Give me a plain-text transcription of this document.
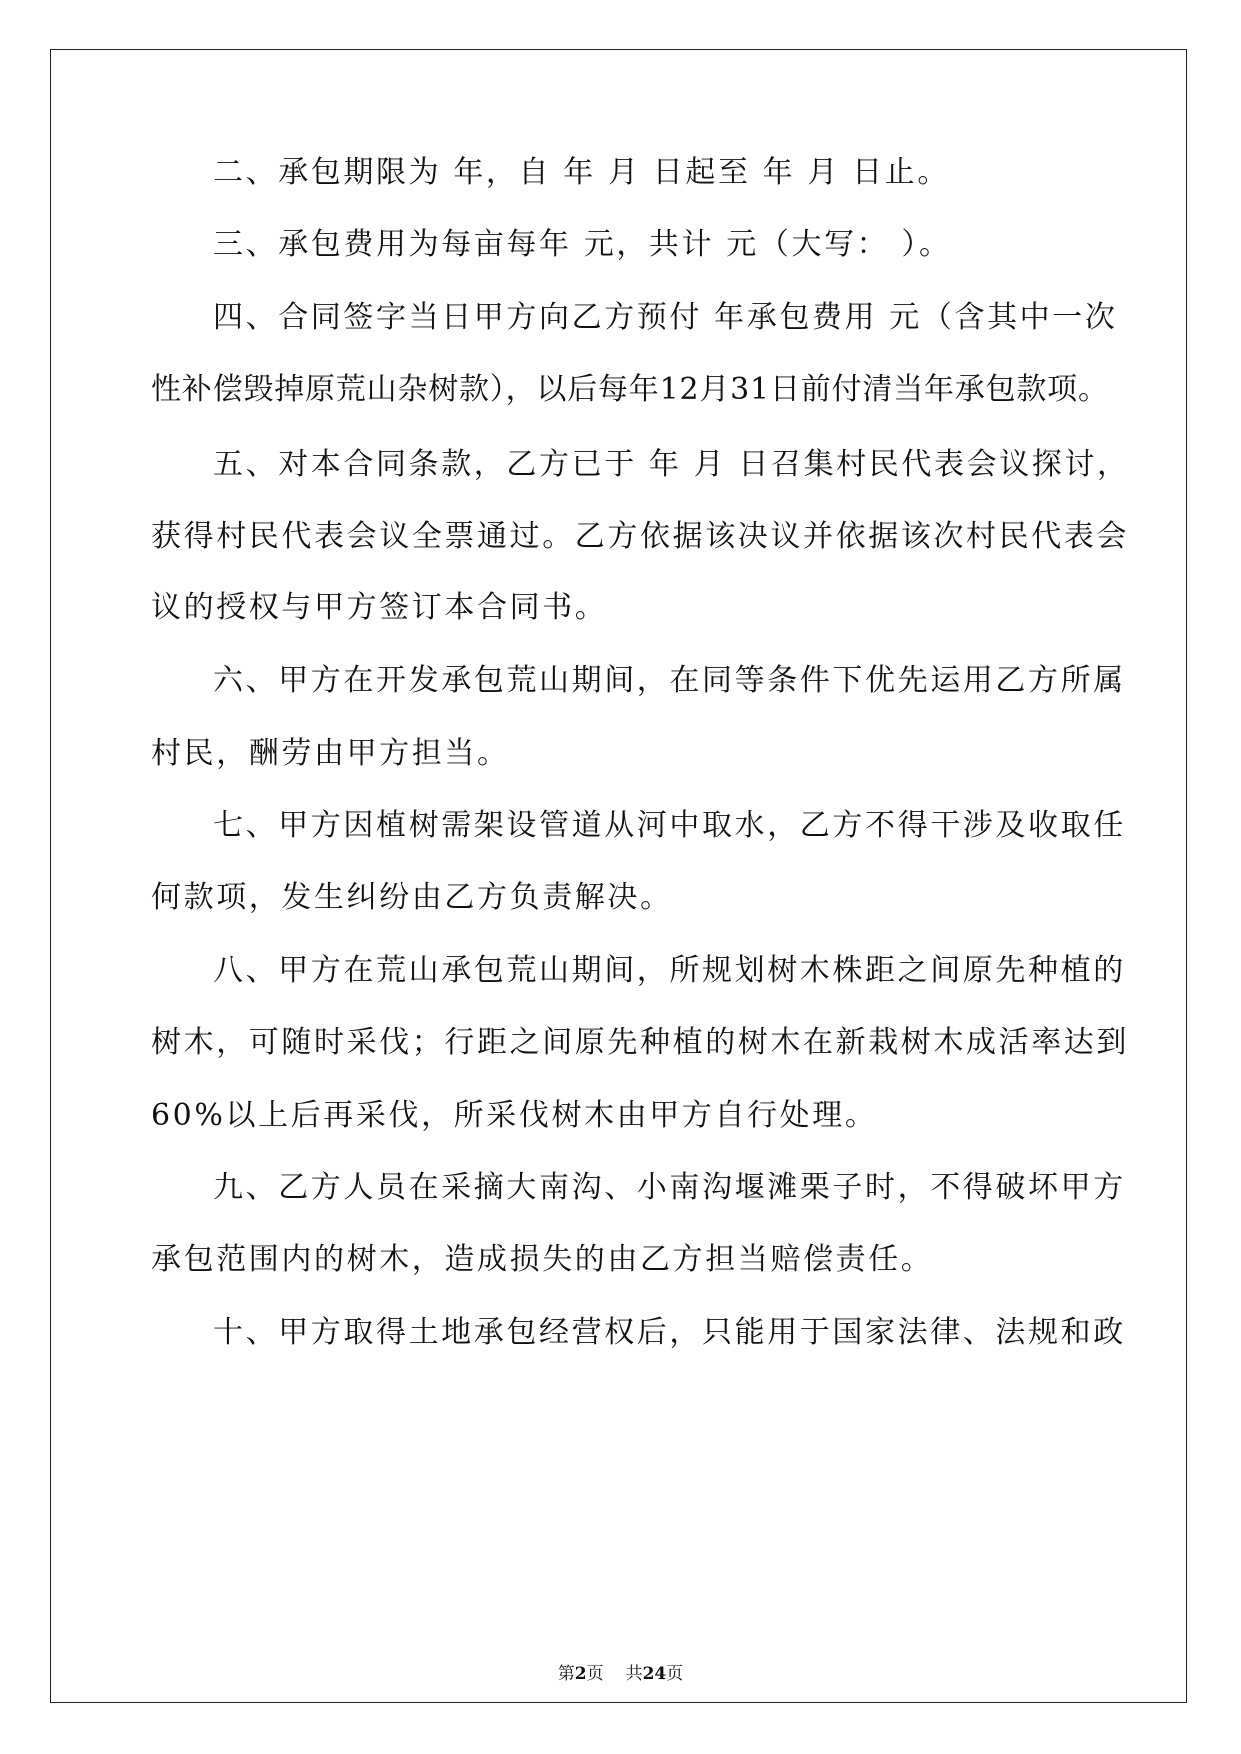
二、承包期限为 年，自 年 月 日起至 年 月 日止。
三、承包费用为每亩每年 元，共计 元（大写： ）。
四、合同签字当日甲方向乙方预付 年承包费用 元（含其中一次
性补偿毁掉原荒山杂树款），以后每年12月31日前付清当年承包款项。
五、对本合同条款，乙方已于 年 月 日召集村民代表会议探讨，
获得村民代表会议全票通过。乙方依据该决议并依据该次村民代表会
议的授权与甲方签订本合同书。
六、甲方在开发承包荒山期间，在同等条件下优先运用乙方所属
村民，酬劳由甲方担当。
七、甲方因植树需架设管道从河中取水，乙方不得干涉及收取任
何款项，发生纠纷由乙方负责解决。
八、甲方在荒山承包荒山期间，所规划树木株距之间原先种植的
树木，可随时采伐；行距之间原先种植的树木在新栽树木成活率达到
60%以上后再采伐，所采伐树木由甲方自行处理。
九、乙方人员在采摘大南沟、小南沟堰滩栗子时，不得破坏甲方
承包范围内的树木，造成损失的由乙方担当赔偿责任。
十、甲方取得土地承包经营权后，只能用于国家法律、法规和政
第2页 共24页
